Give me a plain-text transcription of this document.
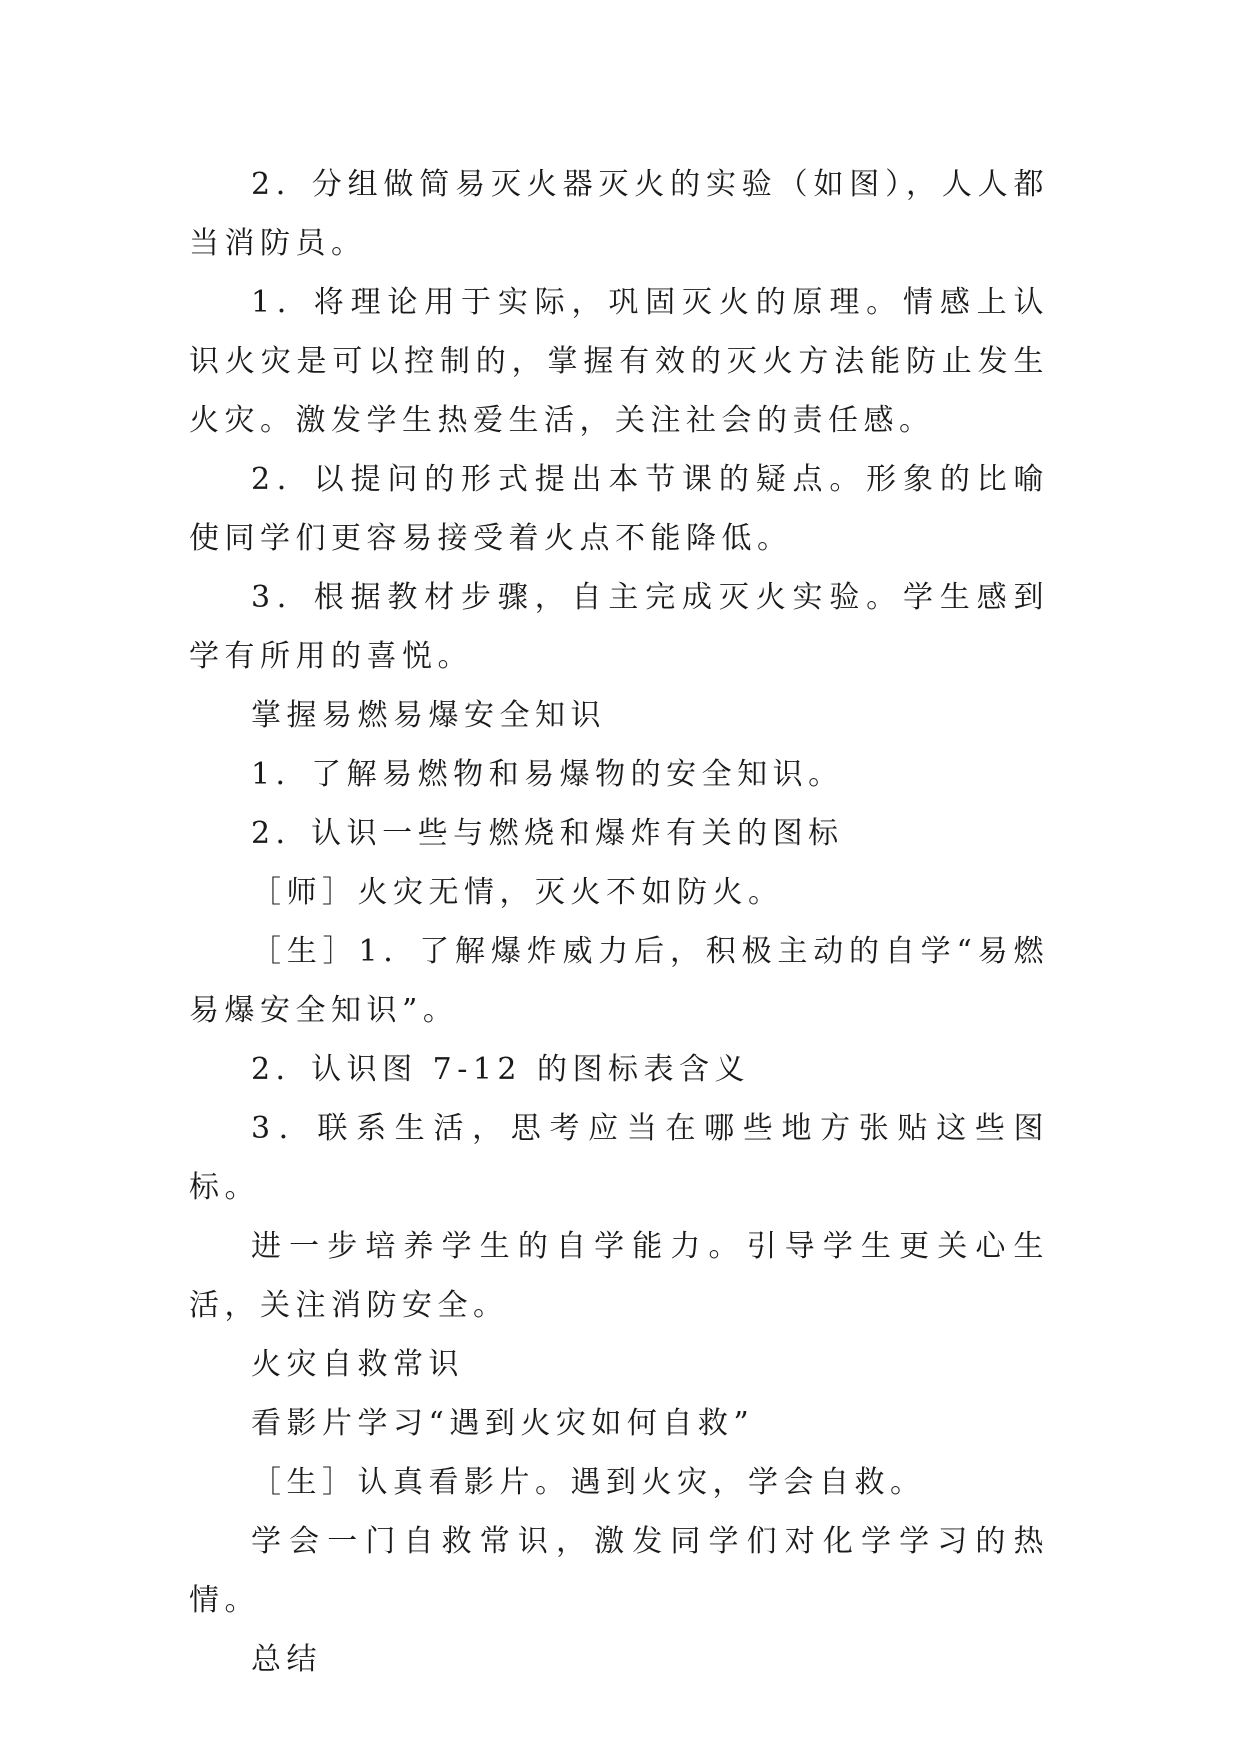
2．分组做简易灭火器灭火的实验（如图），人人都当消防员。

1．将理论用于实际，巩固灭火的原理。情感上认识火灾是可以控制的，掌握有效的灭火方法能防止发生火灾。激发学生热爱生活，关注社会的责任感。

2．以提问的形式提出本节课的疑点。形象的比喻使同学们更容易接受着火点不能降低。

3．根据教材步骤，自主完成灭火实验。学生感到学有所用的喜悦。

掌握易燃易爆安全知识

1．了解易燃物和易爆物的安全知识。

2．认识一些与燃烧和爆炸有关的图标

［师］火灾无情，灭火不如防火。

［生］1．了解爆炸威力后，积极主动的自学“易燃易爆安全知识”。

2．认识图 7-12 的图标表含义

3．联系生活，思考应当在哪些地方张贴这些图标。

进一步培养学生的自学能力。引导学生更关心生活，关注消防安全。

火灾自救常识

看影片学习“遇到火灾如何自救”

［生］认真看影片。遇到火灾，学会自救。

学会一门自救常识，激发同学们对化学学习的热情。

总结
